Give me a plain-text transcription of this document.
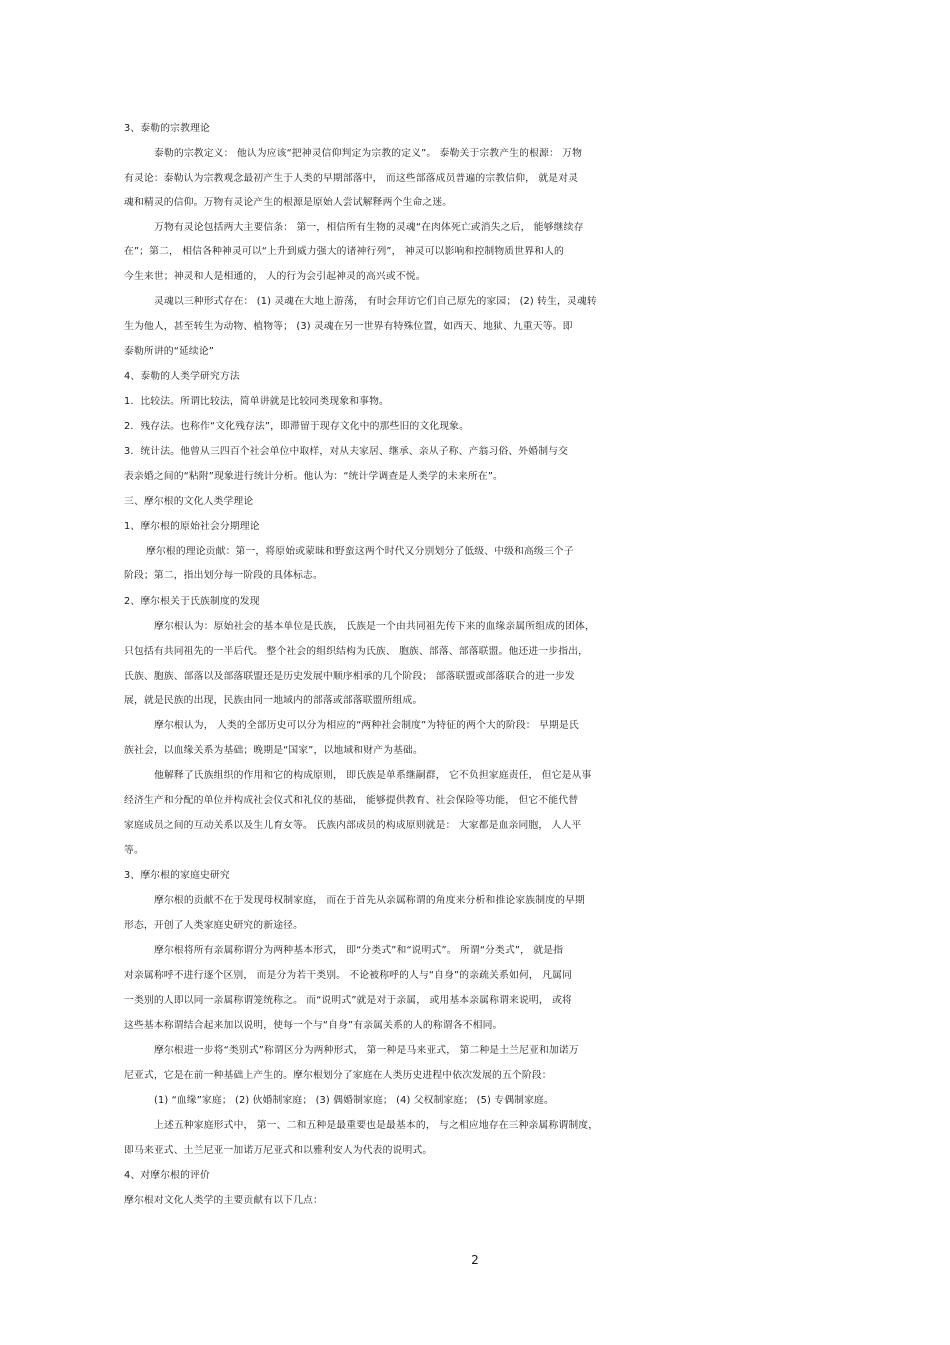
3、泰勒的宗教理论
泰勒的宗教定义： 他认为应该“把神灵信仰判定为宗教的定义”。 泰勒关于宗教产生的根源： 万物
有灵论：泰勒认为宗教观念最初产生于人类的早期部落中， 而这些部落成员普遍的宗教信仰， 就是对灵
魂和精灵的信仰。万物有灵论产生的根源是原始人尝试解释两个生命之迷。
万物有灵论包括两大主要信条： 第一，相信所有生物的灵魂“在肉体死亡或消失之后， 能够继续存
在”；第二， 相信各种神灵可以“上升到威力强大的诸神行列”， 神灵可以影响和控制物质世界和人的
今生来世；神灵和人是相通的， 人的行为会引起神灵的高兴或不悦。
灵魂以三种形式存在： (1) 灵魂在大地上游荡， 有时会拜访它们自己原先的家园； (2) 转生，灵魂转
生为他人，甚至转生为动物、植物等； (3) 灵魂在另一世界有特殊位置，如西天、地狱、九重天等。即
泰勒所讲的“延续论”
4、泰勒的人类学研究方法
1．比较法。所谓比较法，简单讲就是比较同类现象和事物。
2．残存法。也称作“文化残存法”，即滞留于现存文化中的那些旧的文化现象。
3．统计法。他曾从三四百个社会单位中取样，对从夫家居、继承、亲从子称、产翁习俗、外婚制与交
表亲婚之间的“粘附”现象进行统计分析。他认为：“统计学调查是人类学的未来所在”。
三、摩尔根的文化人类学理论
1、摩尔根的原始社会分期理论
摩尔根的理论贡献：第一，将原始或蒙昧和野蛮这两个时代又分别划分了低级、中级和高级三个子
阶段；第二，指出划分每一阶段的具体标志。
2、摩尔根关于氏族制度的发现
摩尔根认为：原始社会的基本单位是氏族， 氏族是一个由共同祖先传下来的血缘亲属所组成的团体，
只包括有共同祖先的一半后代。 整个社会的组织结构为氏族、 胞族、部落、部落联盟。他还进一步指出，
氏族、胞族、部落以及部落联盟还是历史发展中顺序相承的几个阶段； 部落联盟或部落联合的进一步发
展，就是民族的出现，民族由同一地域内的部落或部落联盟所组成。
摩尔根认为， 人类的全部历史可以分为相应的“两种社会制度”为特征的两个大的阶段： 早期是氏
族社会，以血缘关系为基础；晚期是“国家”，以地域和财产为基础。
他解释了氏族组织的作用和它的构成原则， 即氏族是单系继嗣群， 它不负担家庭责任， 但它是从事
经济生产和分配的单位并构成社会仪式和礼仪的基础， 能够提供教育、社会保险等功能， 但它不能代替
家庭成员之间的互动关系以及生儿育女等。 氏族内部成员的构成原则就是： 大家都是血亲同胞， 人人平
等。
3、摩尔根的家庭史研究
摩尔根的贡献不在于发现母权制家庭， 而在于首先从亲属称谓的角度来分析和推论家族制度的早期
形态，开创了人类家庭史研究的新途径。
摩尔根将所有亲属称谓分为两种基本形式， 即“分类式”和“说明式”。 所谓“分类式”， 就是指
对亲属称呼不进行逐个区别， 而是分为若干类别。 不论被称呼的人与“自身”的亲疏关系如何， 凡属同
一类别的人即以同一亲属称谓笼统称之。 而“说明式”就是对于亲属， 或用基本亲属称谓来说明， 或将
这些基本称谓结合起来加以说明，使每一个与“自身”有亲属关系的人的称谓各不相同。
摩尔根进一步将“类别式”称谓区分为两种形式， 第一种是马来亚式， 第二种是土兰尼亚和加诺万
尼亚式，它是在前一种基础上产生的。摩尔根划分了家庭在人类历史进程中依次发展的五个阶段：
(1) “血缘”家庭； (2) 伙婚制家庭； (3) 偶婚制家庭； (4) 父权制家庭； (5) 专偶制家庭。
上述五种家庭形式中， 第一、二和五种是最重要也是最基本的， 与之相应地存在三种亲属称谓制度，
即马来亚式、土兰尼亚一加诺万尼亚式和以雅利安人为代表的说明式。
4、对摩尔根的评价
摩尔根对文化人类学的主要贡献有以下几点：
2
